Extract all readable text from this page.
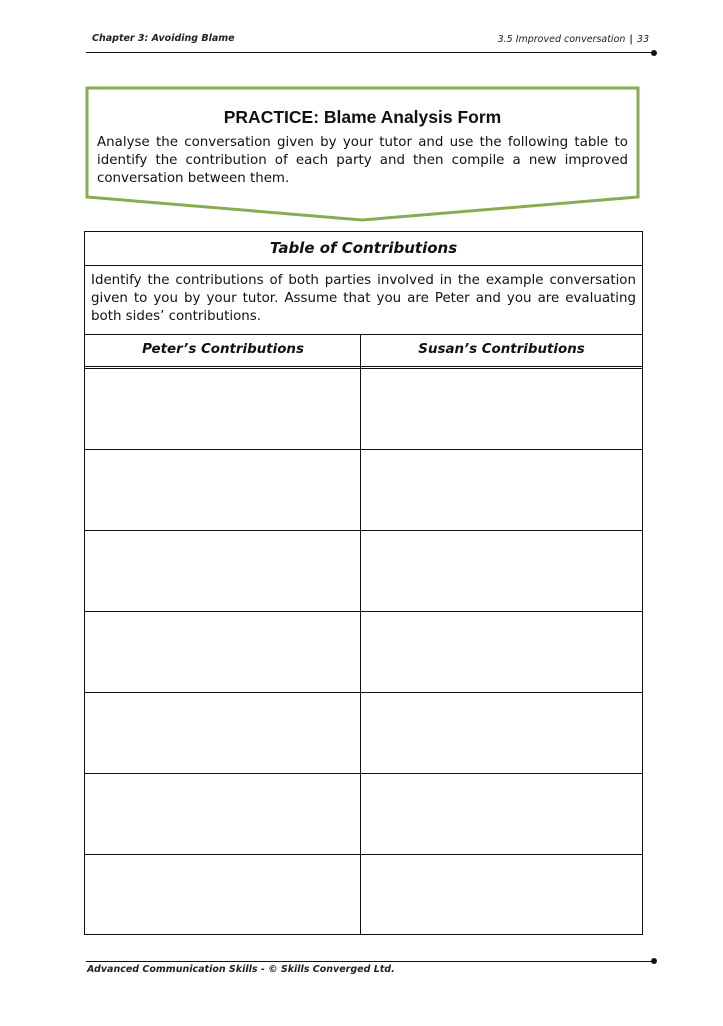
Chapter 3: Avoiding Blame	3.5 Improved conversation | 33
PRACTICE: Blame Analysis Form
Analyse the conversation given by your tutor and use the following table to identify the contribution of each party and then compile a new improved conversation between them.
Table of Contributions
Identify the contributions of both parties involved in the example conversation given to you by your tutor. Assume that you are Peter and you are evaluating both sides’ contributions.
Peter’s Contributions	Susan’s Contributions
Advanced Communication Skills - © Skills Converged Ltd.
